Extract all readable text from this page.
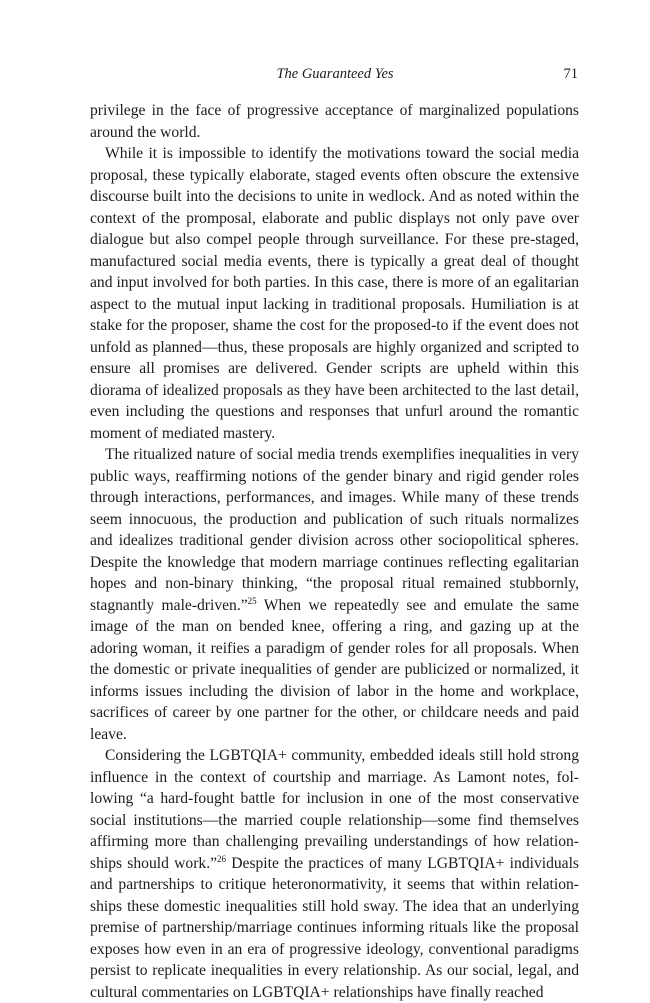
The Guaranteed Yes	71

privilege in the face of progressive acceptance of marginalized populations around the world.

While it is impossible to identify the motivations toward the social media proposal, these typically elaborate, staged events often obscure the extensive discourse built into the decisions to unite in wedlock. And as noted within the context of the promposal, elaborate and public displays not only pave over dialogue but also compel people through surveillance. For these pre-staged, manufactured social media events, there is typically a great deal of thought and input involved for both parties. In this case, there is more of an egalitarian aspect to the mutual input lacking in traditional proposals. Humiliation is at stake for the proposer, shame the cost for the proposed-to if the event does not unfold as planned—thus, these proposals are highly organized and scripted to ensure all promises are delivered. Gender scripts are upheld within this diorama of idealized proposals as they have been architected to the last detail, even including the questions and responses that unfurl around the romantic moment of mediated mastery.

The ritualized nature of social media trends exemplifies inequalities in very public ways, reaffirming notions of the gender binary and rigid gender roles through interactions, performances, and images. While many of these trends seem innocuous, the production and publication of such rituals normalizes and idealizes traditional gender division across other sociopolitical spheres. Despite the knowledge that modern marriage continues reflecting egalitarian hopes and non-binary thinking, “the proposal ritual remained stubbornly, stagnantly male-driven.”$^{25}$ When we repeatedly see and emulate the same image of the man on bended knee, offering a ring, and gazing up at the adoring woman, it reifies a paradigm of gender roles for all proposals. When the domestic or private inequalities of gender are publicized or normalized, it informs issues including the division of labor in the home and workplace, sacrifices of career by one partner for the other, or childcare needs and paid leave.

Considering the LGBTQIA+ community, embedded ideals still hold strong influence in the context of courtship and marriage. As Lamont notes, following “a hard-fought battle for inclusion in one of the most conservative social institutions—the married couple relationship—some find themselves affirming more than challenging prevailing understandings of how relationships should work.”$^{26}$ Despite the practices of many LGBTQIA+ individuals and partnerships to critique heteronormativity, it seems that within relationships these domestic inequalities still hold sway. The idea that an underlying premise of partnership/marriage continues informing rituals like the proposal exposes how even in an era of progressive ideology, conventional paradigms persist to replicate inequalities in every relationship. As our social, legal, and cultural commentaries on LGBTQIA+ relationships have finally reached
